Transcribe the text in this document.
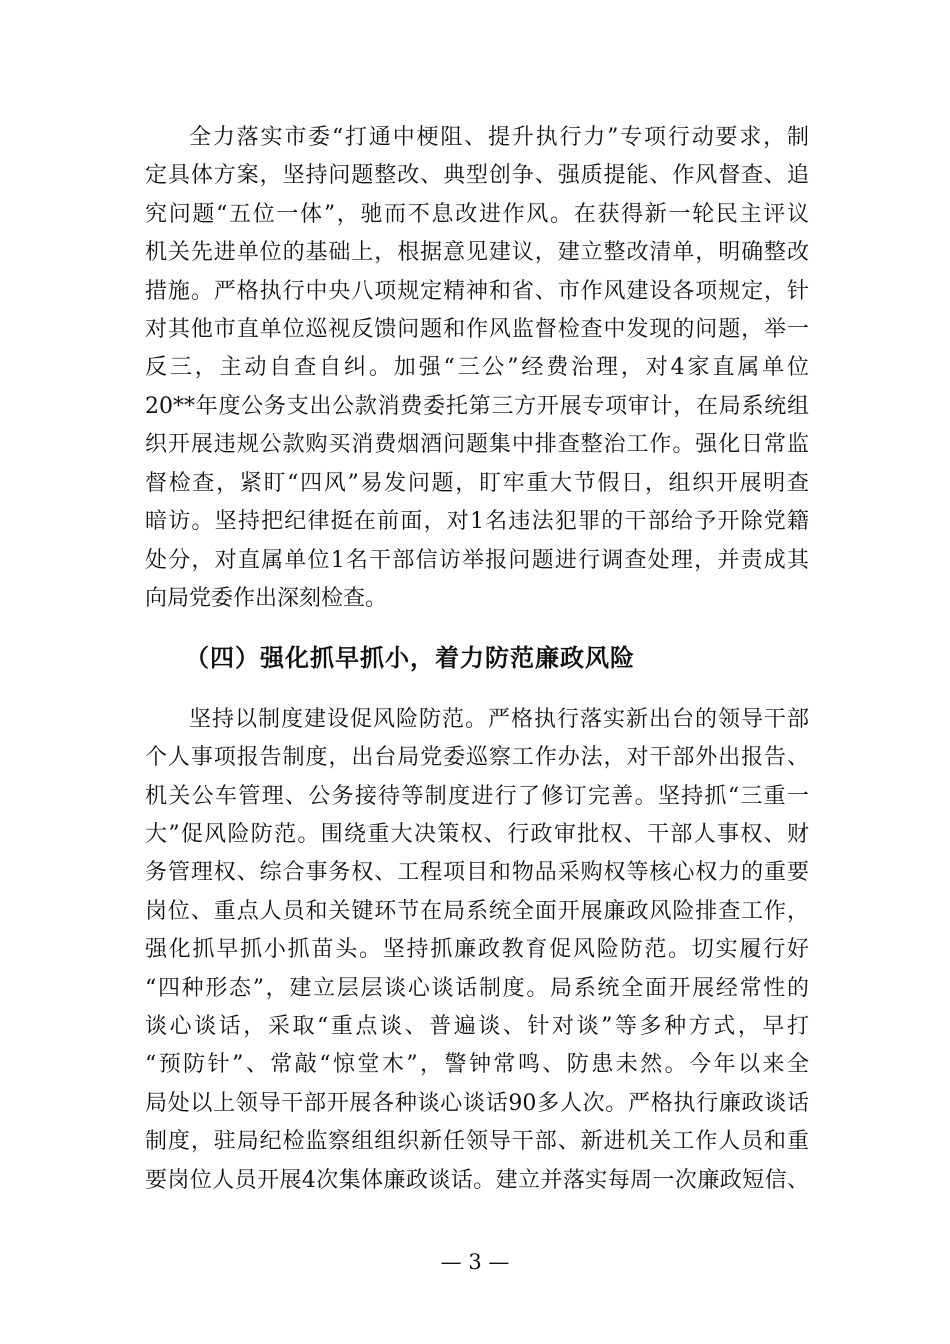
全力落实市委“打通中梗阻、提升执行力”专项行动要求，制
定具体方案，坚持问题整改、典型创争、强质提能、作风督查、追
究问题“五位一体”，驰而不息改进作风。在获得新一轮民主评议
机关先进单位的基础上，根据意见建议，建立整改清单，明确整改
措施。严格执行中央八项规定精神和省、市作风建设各项规定，针
对其他市直单位巡视反馈问题和作风监督检查中发现的问题，举一
反三，主动自查自纠。加强“三公”经费治理，对4家直属单位
20**年度公务支出公款消费委托第三方开展专项审计，在局系统组
织开展违规公款购买消费烟酒问题集中排查整治工作。强化日常监
督检查，紧盯“四风”易发问题，盯牢重大节假日，组织开展明查
暗访。坚持把纪律挺在前面，对1名违法犯罪的干部给予开除党籍
处分，对直属单位1名干部信访举报问题进行调查处理，并责成其
向局党委作出深刻检查。
（四）强化抓早抓小，着力防范廉政风险
坚持以制度建设促风险防范。严格执行落实新出台的领导干部
个人事项报告制度，出台局党委巡察工作办法，对干部外出报告、
机关公车管理、公务接待等制度进行了修订完善。坚持抓“三重一
大”促风险防范。围绕重大决策权、行政审批权、干部人事权、财
务管理权、综合事务权、工程项目和物品采购权等核心权力的重要
岗位、重点人员和关键环节在局系统全面开展廉政风险排查工作，
强化抓早抓小抓苗头。坚持抓廉政教育促风险防范。切实履行好
“四种形态”，建立层层谈心谈话制度。局系统全面开展经常性的
谈心谈话，采取“重点谈、普遍谈、针对谈”等多种方式，早打
“预防针”、常敲“惊堂木”，警钟常鸣、防患未然。今年以来全
局处以上领导干部开展各种谈心谈话90多人次。严格执行廉政谈话
制度，驻局纪检监察组组织新任领导干部、新进机关工作人员和重
要岗位人员开展4次集体廉政谈话。建立并落实每周一次廉政短信、
— 3 —
